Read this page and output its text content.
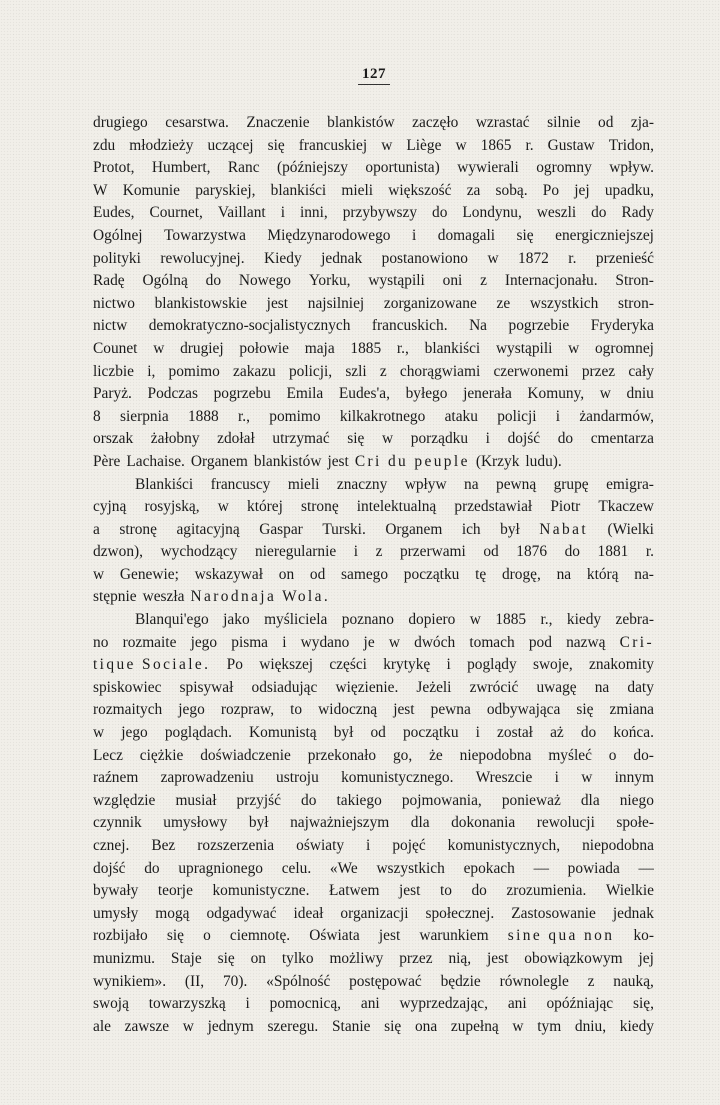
127
drugiego cesarstwa. Znaczenie blankistów zaczęło wzrastać silnie od zja-
zdu młodzieży uczącej się francuskiej w Liège w 1865 r. Gustaw Tridon,
Protot, Humbert, Ranc (późniejszy oportunista) wywierali ogromny wpływ.
W Komunie paryskiej, blankiści mieli większość za sobą. Po jej upadku,
Eudes, Cournet, Vaillant i inni, przybywszy do Londynu, weszli do Rady
Ogólnej Towarzystwa Międzynarodowego i domagali się energiczniejszej
polityki rewolucyjnej. Kiedy jednak postanowiono w 1872 r. przenieść
Radę Ogólną do Nowego Yorku, wystąpili oni z Internacjonału. Stron-
nictwo blankistowskie jest najsilniej zorganizowane ze wszystkich stron-
nictw demokratyczno-socjalistycznych francuskich. Na pogrzebie Fryderyka
Counet w drugiej połowie maja 1885 r., blankiści wystąpili w ogromnej
liczbie i, pomimo zakazu policji, szli z chorągwiami czerwonemi przez cały
Paryż. Podczas pogrzebu Emila Eudes'a, byłego jenerała Komuny, w dniu
8 sierpnia 1888 r., pomimo kilkakrotnego ataku policji i żandarmów,
orszak żałobny zdołał utrzymać się w porządku i dojść do cmentarza
Père Lachaise. Organem blankistów jest Cri du peuple (Krzyk ludu).
Blankiści francuscy mieli znaczny wpływ na pewną grupę emigra-
cyjną rosyjską, w której stronę intelektualną przedstawiał Piotr Tkaczew
a stronę agitacyjną Gaspar Turski. Organem ich był Nabat (Wielki
dzwon), wychodzący nieregularnie i z przerwami od 1876 do 1881 r.
w Genewie; wskazywał on od samego początku tę drogę, na którą na-
stępnie weszła Narodnaja Wola.
Blanqui'ego jako myśliciela poznano dopiero w 1885 r., kiedy zebra-
no rozmaite jego pisma i wydano je w dwóch tomach pod nazwą Cri-
tique Sociale. Po większej części krytykę i poglądy swoje, znakomity
spiskowiec spisywał odsiadując więzienie. Jeżeli zwrócić uwagę na daty
rozmaitych jego rozpraw, to widoczną jest pewna odbywająca się zmiana
w jego poglądach. Komunistą był od początku i został aż do końca.
Lecz ciężkie doświadczenie przekonało go, że niepodobna myśleć o do-
raźnem zaprowadzeniu ustroju komunistycznego. Wreszcie i w innym
względzie musiał przyjść do takiego pojmowania, ponieważ dla niego
czynnik umysłowy był najważniejszym dla dokonania rewolucji społe-
cznej. Bez rozszerzenia oświaty i pojęć komunistycznych, niepodobna
dojść do upragnionego celu. «We wszystkich epokach — powiada —
bywały teorje komunistyczne. Łatwem jest to do zrozumienia. Wielkie
umysły mogą odgadywać ideał organizacji społecznej. Zastosowanie jednak
rozbijało się o ciemnotę. Oświata jest warunkiem sine qua non ko-
munizmu. Staje się on tylko możliwy przez nią, jest obowiązkowym jej
wynikiem». (II, 70). «Spólność postępować będzie równolegle z nauką,
swoją towarzyszką i pomocnicą, ani wyprzedzając, ani opóźniając się,
ale zawsze w jednym szeregu. Stanie się ona zupełną w tym dniu, kiedy
